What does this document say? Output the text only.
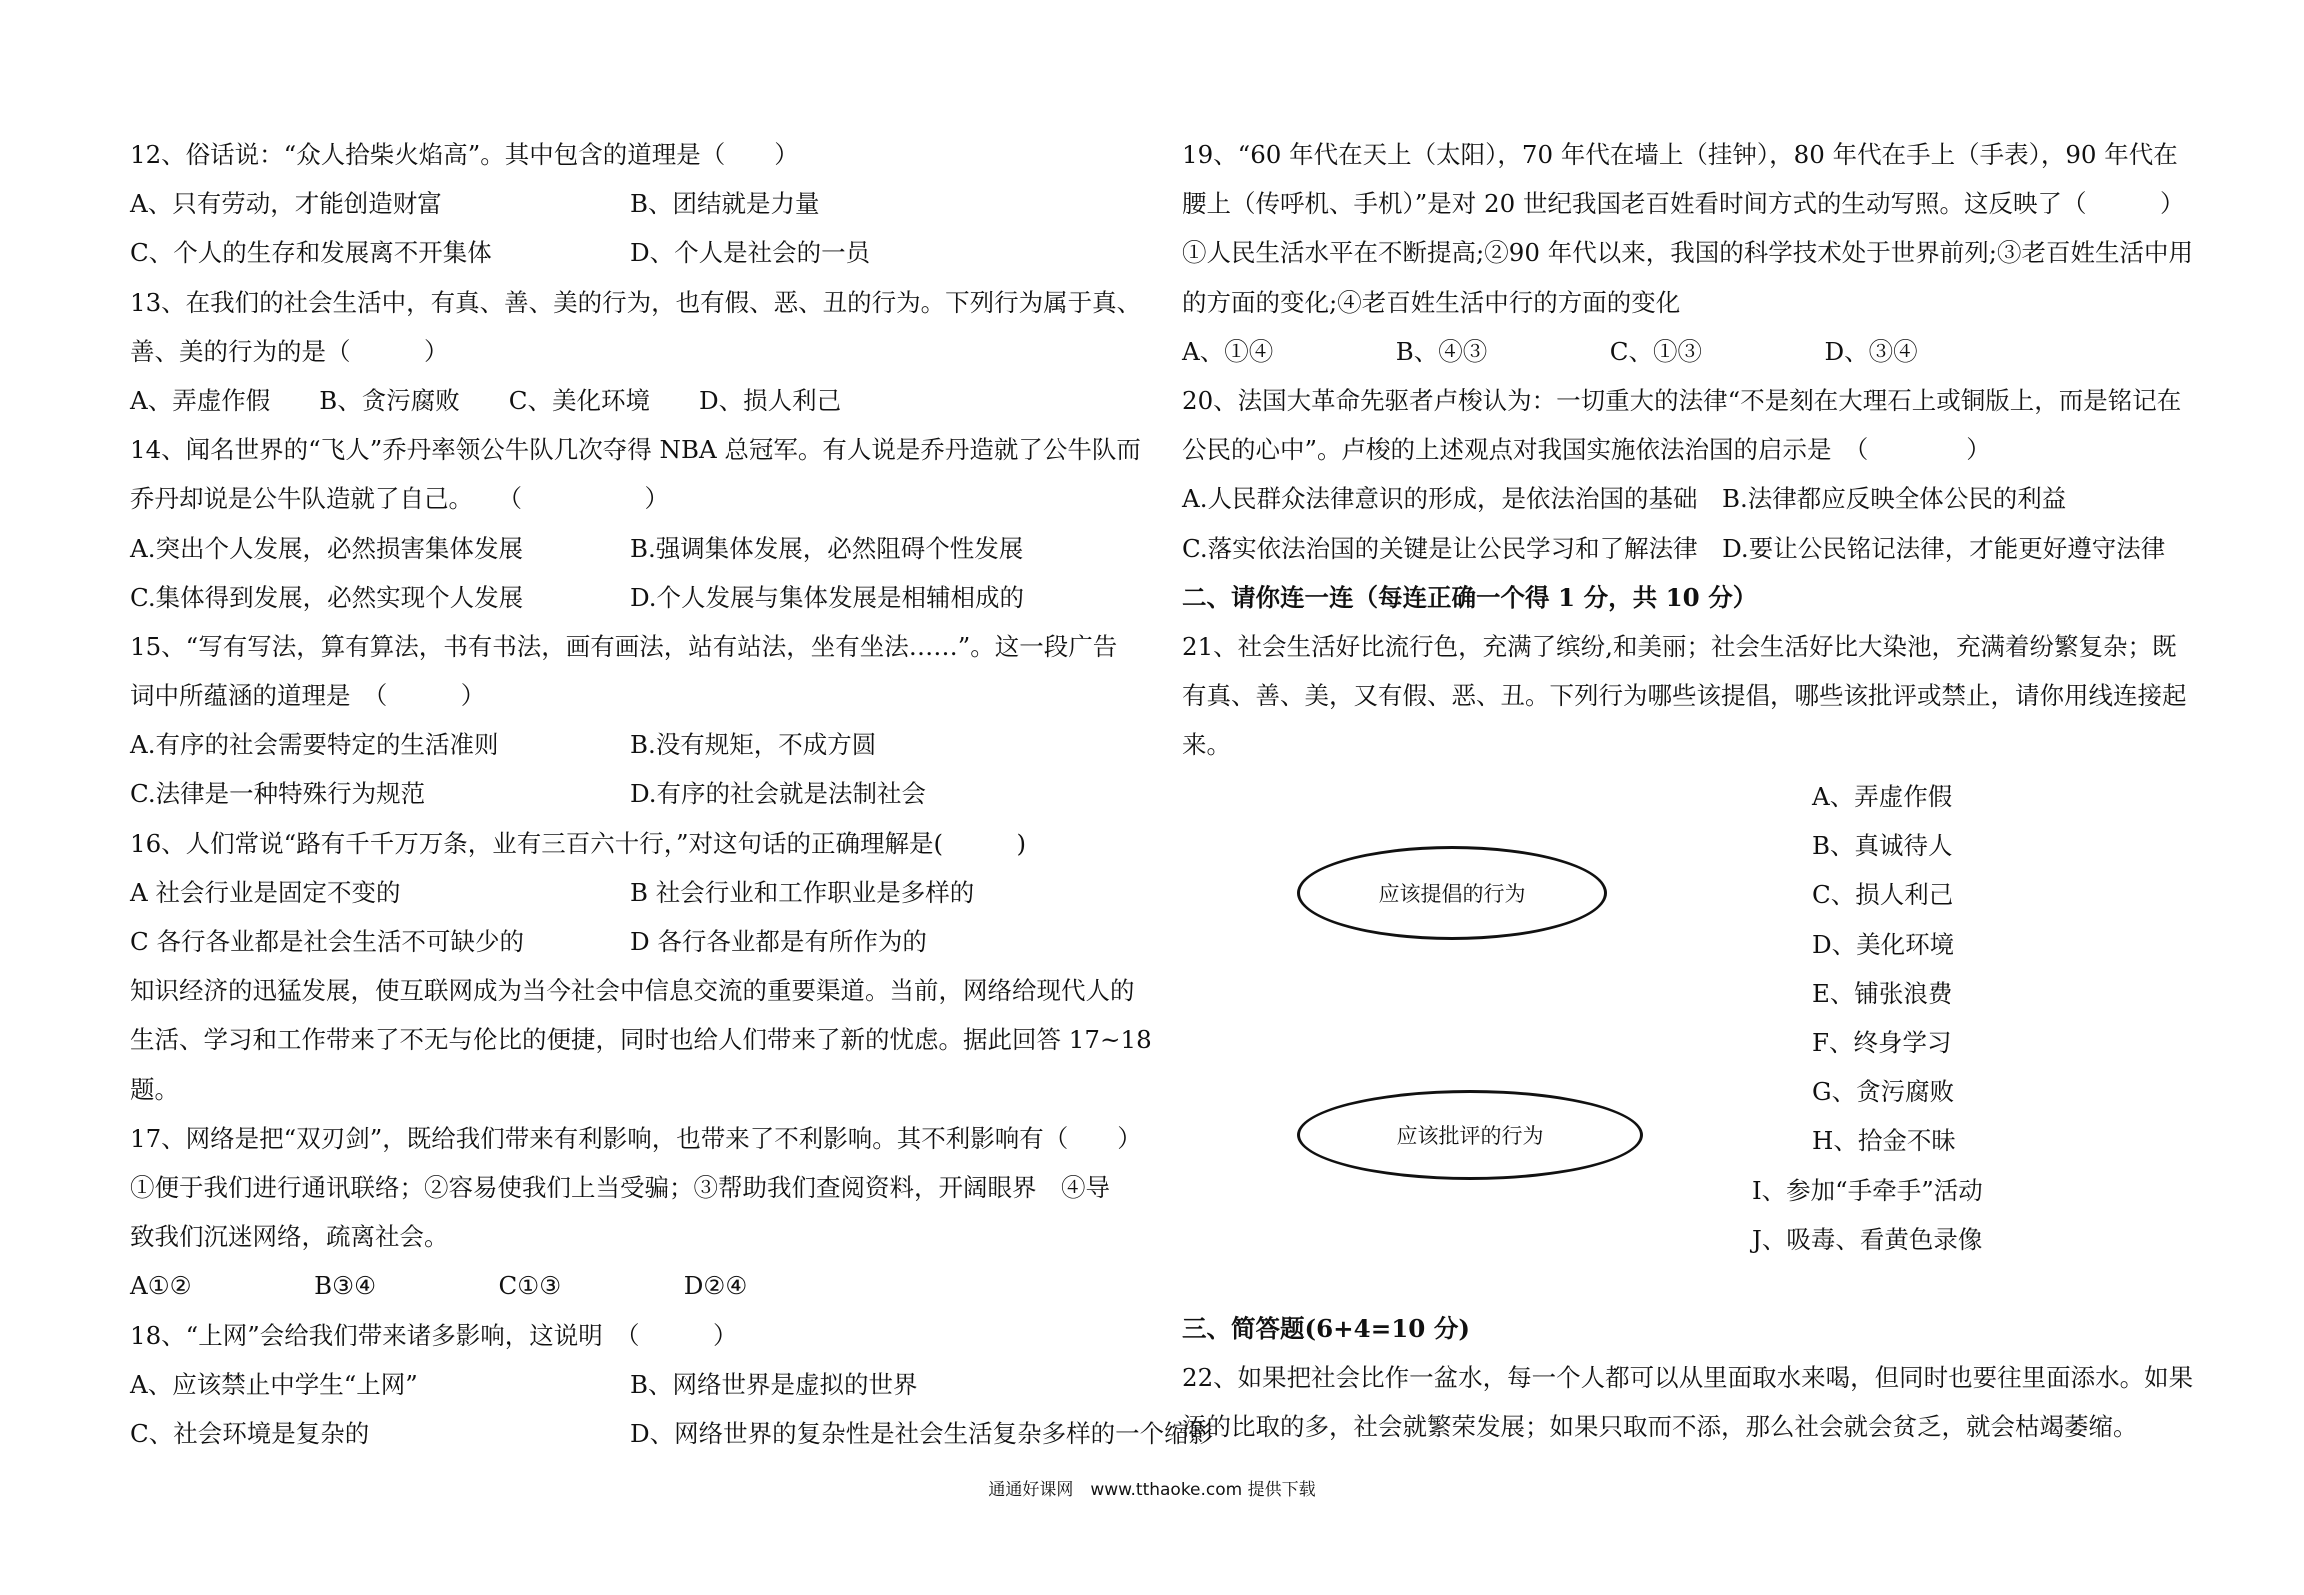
12、俗话说：“众人拾柴火焰高”。其中包含的道理是（　　）
A、只有劳动，才能创造财富	B、团结就是力量
C、个人的生存和发展离不开集体	D、个人是社会的一员
13、在我们的社会生活中，有真、善、美的行为，也有假、恶、丑的行为。下列行为属于真、
善、美的行为的是（　　　）
A、弄虚作假　　B、贪污腐败　　C、美化环境　　D、损人利己
14、闻名世界的“飞人”乔丹率领公牛队几次夺得 NBA 总冠军。有人说是乔丹造就了公牛队而
乔丹却说是公牛队造就了自己。　　（　　　　　）
A.突出个人发展，必然损害集体发展	B.强调集体发展，必然阻碍个性发展
C.集体得到发展，必然实现个人发展	D.个人发展与集体发展是相辅相成的
15、“写有写法，算有算法，书有书法，画有画法，站有站法，坐有坐法……”。这一段广告
词中所蕴涵的道理是　（　　　）
A.有序的社会需要特定的生活准则	B.没有规矩，不成方圆
C.法律是一种特殊行为规范	D.有序的社会就是法制社会
16、人们常说“路有千千万万条，业有三百六十行，”对这句话的正确理解是(　　　)
A 社会行业是固定不变的	B 社会行业和工作职业是多样的
C 各行各业都是社会生活不可缺少的	D 各行各业都是有所作为的
知识经济的迅猛发展，使互联网成为当今社会中信息交流的重要渠道。当前，网络给现代人的
生活、学习和工作带来了不无与伦比的便捷，同时也给人们带来了新的忧虑。据此回答 17~18
题。
17、网络是把“双刃剑”，既给我们带来有利影响，也带来了不利影响。其不利影响有（　　）
①便于我们进行通讯联络；②容易使我们上当受骗；③帮助我们查阅资料，开阔眼界　④导
致我们沉迷网络，疏离社会。
A①②　　　　　B③④　　　　　C①③　　　　　D②④
18、“上网”会给我们带来诸多影响，这说明　（　　　）
A、应该禁止中学生“上网”	B、网络世界是虚拟的世界
C、社会环境是复杂的	D、网络世界的复杂性是社会生活复杂多样的一个缩影
19、“60 年代在天上（太阳），70 年代在墙上（挂钟），80 年代在手上（手表），90 年代在
腰上（传呼机、手机）”是对 20 世纪我国老百姓看时间方式的生动写照。这反映了（　　　）
①人民生活水平在不断提高;②90 年代以来，我国的科学技术处于世界前列;③老百姓生活中用
的方面的变化;④老百姓生活中行的方面的变化
A、①④　　　　　B、④③　　　　　C、①③　　　　　D、③④
20、法国大革命先驱者卢梭认为：一切重大的法律“不是刻在大理石上或铜版上，而是铭记在
公民的心中”。卢梭的上述观点对我国实施依法治国的启示是　（　　　　）
A.人民群众法律意识的形成，是依法治国的基础　B.法律都应反映全体公民的利益
C.落实依法治国的关键是让公民学习和了解法律　D.要让公民铭记法律，才能更好遵守法律
二、请你连一连（每连正确一个得 1 分，共 10 分）
21、社会生活好比流行色，充满了缤纷,和美丽；社会生活好比大染池，充满着纷繁复杂；既
有真、善、美，又有假、恶、丑。下列行为哪些该提倡，哪些该批评或禁止，请你用线连接起
来。
应该提倡的行为
应该批评的行为
A、弄虚作假
B、真诚待人
C、损人利己
D、美化环境
E、铺张浪费
F、终身学习
G、贪污腐败
H、拾金不昧
I、参加“手牵手”活动
J、吸毒、看黄色录像
三、简答题(6+4=10 分)
22、如果把社会比作一盆水，每一个人都可以从里面取水来喝，但同时也要往里面添水。如果
添的比取的多，社会就繁荣发展；如果只取而不添，那么社会就会贫乏，就会枯竭萎缩。
通通好课网　www.tthaoke.com 提供下载
